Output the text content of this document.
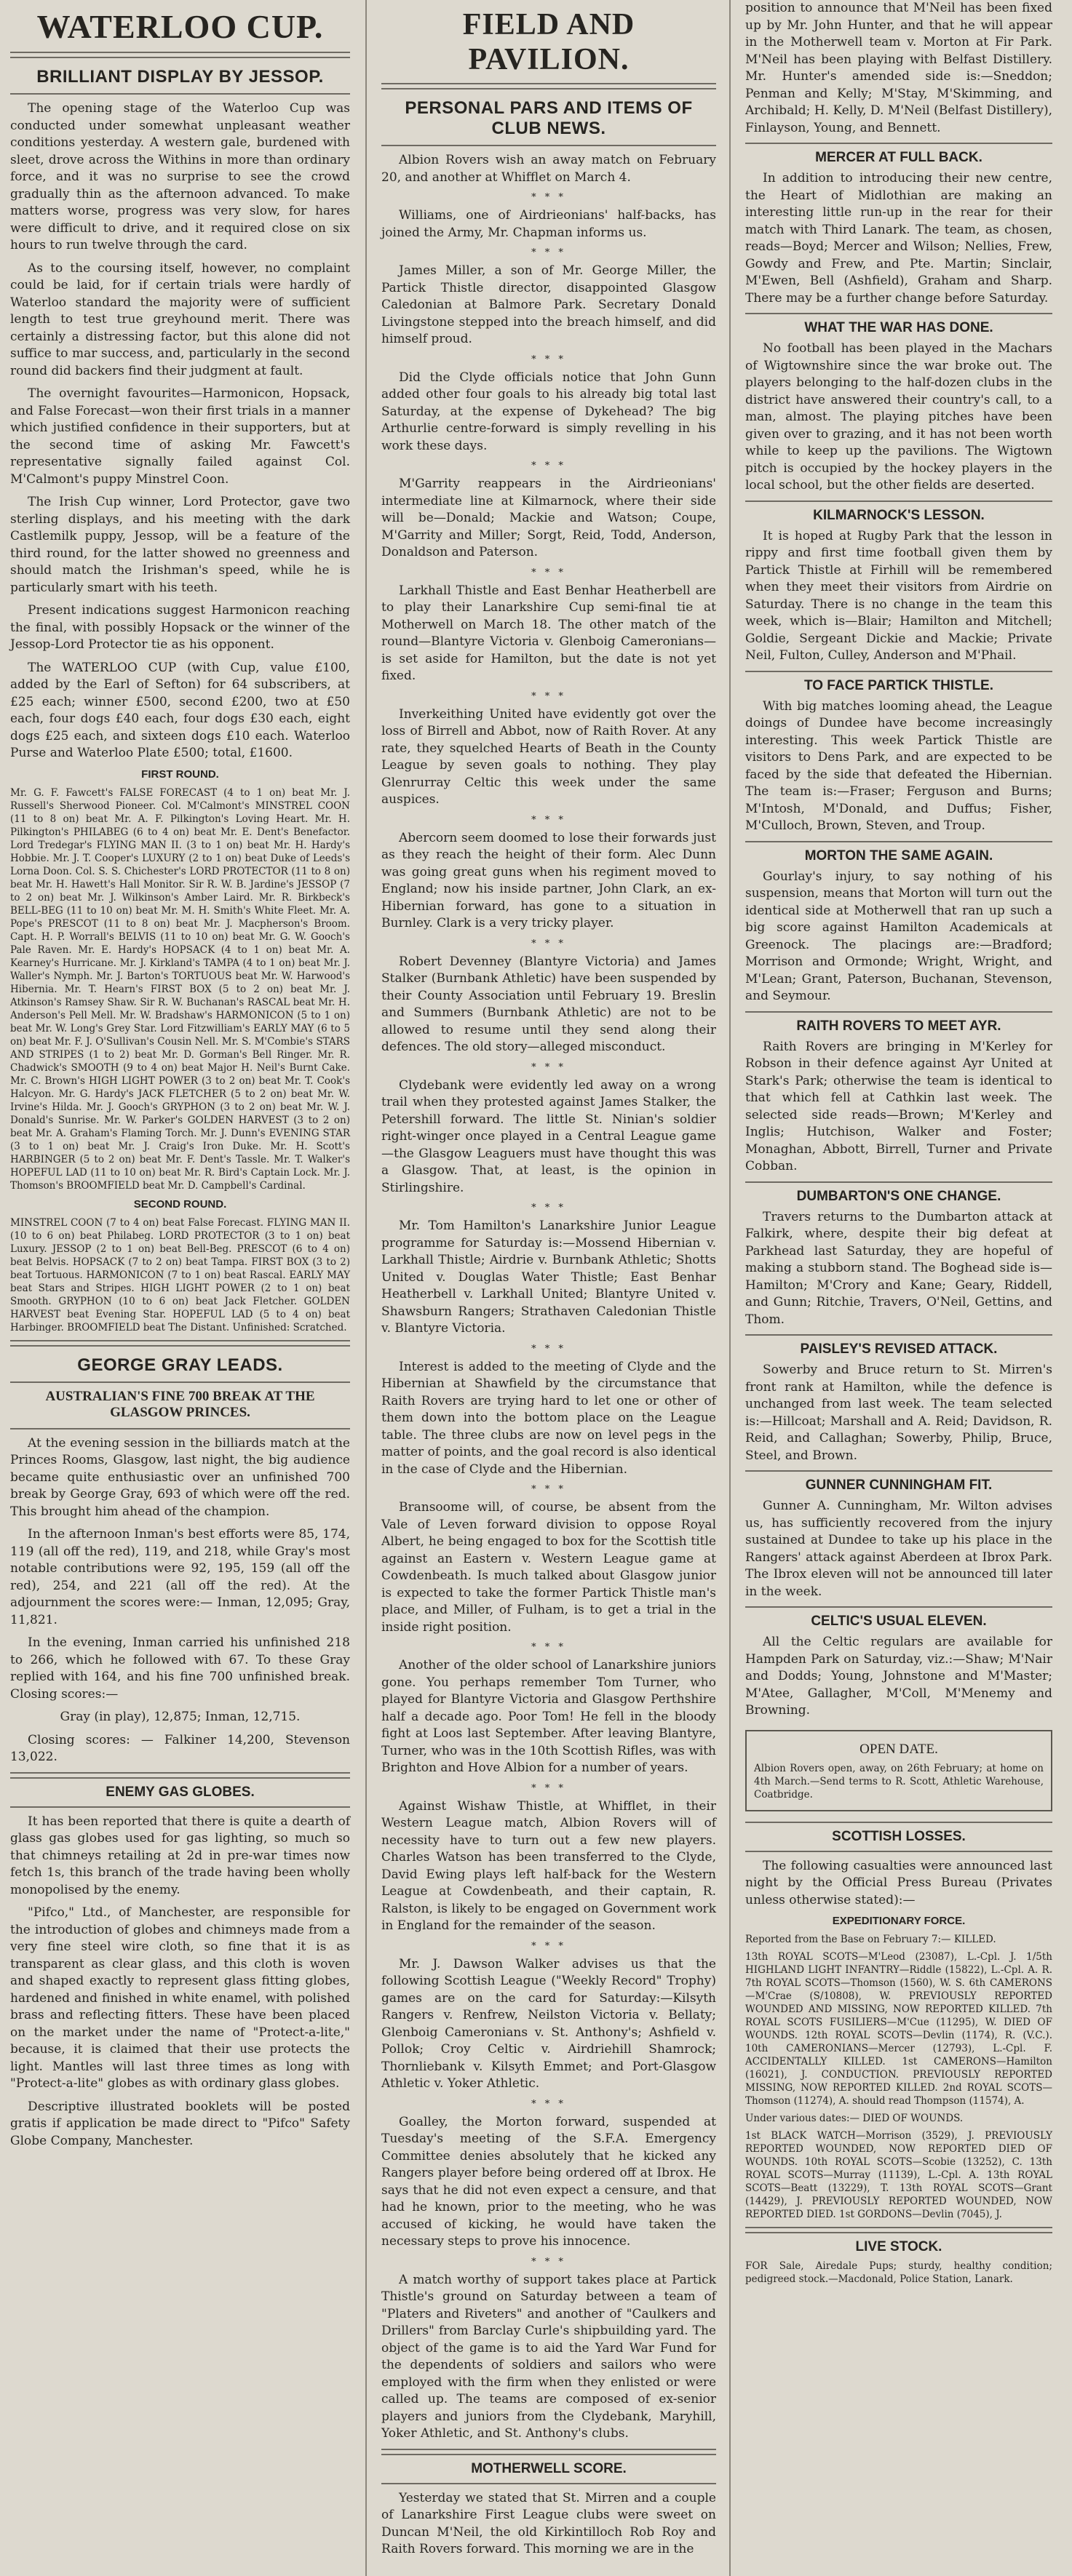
WATERLOO CUP.
BRILLIANT DISPLAY BY JESSOP.

The opening stage of the Waterloo Cup was conducted under somewhat unpleasant weather conditions yesterday. A western gale, burdened with sleet, drove across the Withins in more than ordinary force, and it was no surprise to see the crowd gradually thin as the afternoon advanced. To make matters worse, progress was very slow, for hares were difficult to drive, and it required close on six hours to run twelve through the card.

As to the coursing itself, however, no complaint could be laid, for if certain trials were hardly of Waterloo standard the majority were of sufficient length to test true greyhound merit. There was certainly a distressing factor, but this alone did not suffice to mar success, and, particularly in the second round did backers find their judgment at fault.

The overnight favourites—Harmonicon, Hopsack, and False Forecast—won their first trials in a manner which justified confidence in their supporters, but at the second time of asking Mr. Fawcett's representative signally failed against Col. M'Calmont's puppy Minstrel Coon.

The Irish Cup winner, Lord Protector, gave two sterling displays, and his meeting with the dark Castlemilk puppy, Jessop, will be a feature of the third round, for the latter showed no greenness and should match the Irishman's speed, while he is particularly smart with his teeth.

Present indications suggest Harmonicon reaching the final, with possibly Hopsack or the winner of the Jessop-Lord Protector tie as his opponent.

The WATERLOO CUP (with Cup, value £100, added by the Earl of Sefton) for 64 subscribers, at £25 each; winner £500, second £200, two at £50 each, four dogs £40 each, four dogs £30 each, eight dogs £25 each, and sixteen dogs £10 each. Waterloo Purse and Waterloo Plate £500; total, £1600.

FIRST ROUND.

Mr. G. F. Fawcett's FALSE FORECAST (4 to 1 on) beat Mr. J. Russell's Sherwood Pioneer. Col. M'Calmont's MINSTREL COON (11 to 8 on) beat Mr. A. F. Pilkington's Loving Heart. Mr. H. Pilkington's PHILABEG (6 to 4 on) beat Mr. E. Dent's Benefactor. Lord Tredegar's FLYING MAN II. (3 to 1 on) beat Mr. H. Hardy's Hobbie. Mr. J. T. Cooper's LUXURY (2 to 1 on) beat Duke of Leeds's Lorna Doon. Col. S. S. Chichester's LORD PROTECTOR (11 to 8 on) beat Mr. H. Hawett's Hall Monitor. Sir R. W. B. Jardine's JESSOP (7 to 2 on) beat Mr. J. Wilkinson's Amber Laird. Mr. R. Birkbeck's BELL-BEG (11 to 10 on) beat Mr. M. H. Smith's White Fleet. Mr. A. Pope's PRESCOT (11 to 8 on) beat Mr. J. Macpherson's Broom. Capt. H. P. Worrall's BELVIS (11 to 10 on) beat Mr. G. W. Gooch's Pale Raven. Mr. E. Hardy's HOPSACK (4 to 1 on) beat Mr. A. Kearney's Hurricane. Mr. J. Kirkland's TAMPA (4 to 1 on) beat Mr. J. Waller's Nymph. Mr. J. Barton's TORTUOUS beat Mr. W. Harwood's Hibernia. Mr. T. Hearn's FIRST BOX (5 to 2 on) beat Mr. J. Atkinson's Ramsey Shaw. Sir R. W. Buchanan's RASCAL beat Mr. H. Anderson's Pell Mell. Mr. W. Bradshaw's HARMONICON (5 to 1 on) beat Mr. W. Long's Grey Star. Lord Fitzwilliam's EARLY MAY (6 to 5 on) beat Mr. F. J. O'Sullivan's Cousin Nell. Mr. S. M'Combie's STARS AND STRIPES (1 to 2) beat Mr. D. Gorman's Bell Ringer. Mr. R. Chadwick's SMOOTH (9 to 4 on) beat Major H. Neil's Burnt Cake. Mr. C. Brown's HIGH LIGHT POWER (3 to 2 on) beat Mr. T. Cook's Halcyon. Mr. G. Hardy's JACK FLETCHER (5 to 2 on) beat Mr. W. Irvine's Hilda. Mr. J. Gooch's GRYPHON (3 to 2 on) beat Mr. W. J. Donald's Sunrise. Mr. W. Parker's GOLDEN HARVEST (3 to 2 on) beat Mr. A. Graham's Flaming Torch. Mr. J. Dunn's EVENING STAR (3 to 1 on) beat Mr. J. Craig's Iron Duke. Mr. H. Scott's HARBINGER (5 to 2 on) beat Mr. F. Dent's Tassle. Mr. T. Walker's HOPEFUL LAD (11 to 10 on) beat Mr. R. Bird's Captain Lock. Mr. J. Thomson's BROOMFIELD beat Mr. D. Campbell's Cardinal.

SECOND ROUND.

MINSTREL COON (7 to 4 on) beat False Forecast. FLYING MAN II. (10 to 6 on) beat Philabeg. LORD PROTECTOR (3 to 1 on) beat Luxury. JESSOP (2 to 1 on) beat Bell-Beg. PRESCOT (6 to 4 on) beat Belvis. HOPSACK (7 to 2 on) beat Tampa. FIRST BOX (3 to 2) beat Tortuous. HARMONICON (7 to 1 on) beat Rascal. EARLY MAY beat Stars and Stripes. HIGH LIGHT POWER (2 to 1 on) beat Smooth. GRYPHON (10 to 6 on) beat Jack Fletcher. GOLDEN HARVEST beat Evening Star. HOPEFUL LAD (5 to 4 on) beat Harbinger. BROOMFIELD beat The Distant. Unfinished: Scratched.

GEORGE GRAY LEADS.
AUSTRALIAN'S FINE 700 BREAK AT THE GLASGOW PRINCES.

At the evening session in the billiards match at the Princes Rooms, Glasgow, last night, the big audience became quite enthusiastic over an unfinished 700 break by George Gray, 693 of which were off the red. This brought him ahead of the champion.

In the afternoon Inman's best efforts were 85, 174, 119 (all off the red), 119, and 218, while Gray's most notable contributions were 92, 195, 159 (all off the red), 254, and 221 (all off the red). At the adjournment the scores were:— Inman, 12,095; Gray, 11,821.

In the evening, Inman carried his unfinished 218 to 266, which he followed with 67. To these Gray replied with 164, and his fine 700 unfinished break. Closing scores:—

Gray (in play), 12,875; Inman, 12,715.

Closing scores: — Falkiner 14,200, Stevenson 13,022.

ENEMY GAS GLOBES.

It has been reported that there is quite a dearth of glass gas globes used for gas lighting, so much so that chimneys retailing at 2d in pre-war times now fetch 1s, this branch of the trade having been wholly monopolised by the enemy.

"Pifco," Ltd., of Manchester, are responsible for the introduction of globes and chimneys made from a very fine steel wire cloth, so fine that it is as transparent as clear glass, and this cloth is woven and shaped exactly to represent glass fitting globes, hardened and finished in white enamel, with polished brass and reflecting fitters. These have been placed on the market under the name of "Protect-a-lite," because, it is claimed that their use protects the light. Mantles will last three times as long with "Protect-a-lite" globes as with ordinary glass globes.

Descriptive illustrated booklets will be posted gratis if application be made direct to "Pifco" Safety Globe Company, Manchester.

FIELD AND PAVILION.
PERSONAL PARS AND ITEMS OF CLUB NEWS.

Albion Rovers wish an away match on February 20, and another at Whifflet on March 4.

* * *

Williams, one of Airdrieonians' half-backs, has joined the Army, Mr. Chapman informs us.

* * *

James Miller, a son of Mr. George Miller, the Partick Thistle director, disappointed Glasgow Caledonian at Balmore Park. Secretary Donald Livingstone stepped into the breach himself, and did himself proud.

* * *

Did the Clyde officials notice that John Gunn added other four goals to his already big total last Saturday, at the expense of Dykehead? The big Arthurlie centre-forward is simply revelling in his work these days.

* * *

M'Garrity reappears in the Airdrieonians' intermediate line at Kilmarnock, where their side will be—Donald; Mackie and Watson; Coupe, M'Garrity and Miller; Sorgt, Reid, Todd, Anderson, Donaldson and Paterson.

* * *

Larkhall Thistle and East Benhar Heatherbell are to play their Lanarkshire Cup semi-final tie at Motherwell on March 18. The other match of the round—Blantyre Victoria v. Glenboig Cameronians—is set aside for Hamilton, but the date is not yet fixed.

* * *

Inverkeithing United have evidently got over the loss of Birrell and Abbot, now of Raith Rover. At any rate, they squelched Hearts of Beath in the County League by seven goals to nothing. They play Glenrurray Celtic this week under the same auspices.

* * *

Abercorn seem doomed to lose their forwards just as they reach the height of their form. Alec Dunn was going great guns when his regiment moved to England; now his inside partner, John Clark, an ex-Hibernian forward, has gone to a situation in Burnley. Clark is a very tricky player.

* * *

Robert Devenney (Blantyre Victoria) and James Stalker (Burnbank Athletic) have been suspended by their County Association until February 19. Breslin and Summers (Burnbank Athletic) are not to be allowed to resume until they send along their defences. The old story—alleged misconduct.

* * *

Clydebank were evidently led away on a wrong trail when they protested against James Stalker, the Petershill forward. The little St. Ninian's soldier right-winger once played in a Central League game—the Glasgow Leaguers must have thought this was a Glasgow. That, at least, is the opinion in Stirlingshire.

* * *

Mr. Tom Hamilton's Lanarkshire Junior League programme for Saturday is:—Mossend Hibernian v. Larkhall Thistle; Airdrie v. Burnbank Athletic; Shotts United v. Douglas Water Thistle; East Benhar Heatherbell v. Larkhall United; Blantyre United v. Shawsburn Rangers; Strathaven Caledonian Thistle v. Blantyre Victoria.

* * *

Interest is added to the meeting of Clyde and the Hibernian at Shawfield by the circumstance that Raith Rovers are trying hard to let one or other of them down into the bottom place on the League table. The three clubs are now on level pegs in the matter of points, and the goal record is also identical in the case of Clyde and the Hibernian.

* * *

Bransoome will, of course, be absent from the Vale of Leven forward division to oppose Royal Albert, he being engaged to box for the Scottish title against an Eastern v. Western League game at Cowdenbeath. Is much talked about Glasgow junior is expected to take the former Partick Thistle man's place, and Miller, of Fulham, is to get a trial in the inside right position.

* * *

Another of the older school of Lanarkshire juniors gone. You perhaps remember Tom Turner, who played for Blantyre Victoria and Glasgow Perthshire half a decade ago. Poor Tom! He fell in the bloody fight at Loos last September. After leaving Blantyre, Turner, who was in the 10th Scottish Rifles, was with Brighton and Hove Albion for a number of years.

* * *

Against Wishaw Thistle, at Whifflet, in their Western League match, Albion Rovers will of necessity have to turn out a few new players. Charles Watson has been transferred to the Clyde, David Ewing plays left half-back for the Western League at Cowdenbeath, and their captain, R. Ralston, is likely to be engaged on Government work in England for the remainder of the season.

* * *

Mr. J. Dawson Walker advises us that the following Scottish League ("Weekly Record" Trophy) games are on the card for Saturday:—Kilsyth Rangers v. Renfrew, Neilston Victoria v. Bellaty; Glenboig Cameronians v. St. Anthony's; Ashfield v. Pollok; Croy Celtic v. Airdriehill Shamrock; Thornliebank v. Kilsyth Emmet; and Port-Glasgow Athletic v. Yoker Athletic.

* * *

Goalley, the Morton forward, suspended at Tuesday's meeting of the S.F.A. Emergency Committee denies absolutely that he kicked any Rangers player before being ordered off at Ibrox. He says that he did not even expect a censure, and that had he known, prior to the meeting, who he was accused of kicking, he would have taken the necessary steps to prove his innocence.

* * *

A match worthy of support takes place at Partick Thistle's ground on Saturday between a team of "Platers and Riveters" and another of "Caulkers and Drillers" from Barclay Curle's shipbuilding yard. The object of the game is to aid the Yard War Fund for the dependents of soldiers and sailors who were employed with the firm when they enlisted or were called up. The teams are composed of ex-senior players and juniors from the Clydebank, Maryhill, Yoker Athletic, and St. Anthony's clubs.

MOTHERWELL SCORE.

Yesterday we stated that St. Mirren and a couple of Lanarkshire First League clubs were sweet on Duncan M'Neil, the old Kirkintilloch Rob Roy and Raith Rovers forward. This morning we are in the

position to announce that M'Neil has been fixed up by Mr. John Hunter, and that he will appear in the Motherwell team v. Morton at Fir Park. M'Neil has been playing with Belfast Distillery. Mr. Hunter's amended side is:—Sneddon; Penman and Kelly; M'Stay, M'Skimming, and Archibald; H. Kelly, D. M'Neil (Belfast Distillery), Finlayson, Young, and Bennett.

MERCER AT FULL BACK.

In addition to introducing their new centre, the Heart of Midlothian are making an interesting little run-up in the rear for their match with Third Lanark. The team, as chosen, reads—Boyd; Mercer and Wilson; Nellies, Frew, Gowdy and Frew, and Pte. Martin; Sinclair, M'Ewen, Bell (Ashfield), Graham and Sharp. There may be a further change before Saturday.

WHAT THE WAR HAS DONE.

No football has been played in the Machars of Wigtownshire since the war broke out. The players belonging to the half-dozen clubs in the district have answered their country's call, to a man, almost. The playing pitches have been given over to grazing, and it has not been worth while to keep up the pavilions. The Wigtown pitch is occupied by the hockey players in the local school, but the other fields are deserted.

KILMARNOCK'S LESSON.

It is hoped at Rugby Park that the lesson in rippy and first time football given them by Partick Thistle at Firhill will be remembered when they meet their visitors from Airdrie on Saturday. There is no change in the team this week, which is—Blair; Hamilton and Mitchell; Goldie, Sergeant Dickie and Mackie; Private Neil, Fulton, Culley, Anderson and M'Phail.

TO FACE PARTICK THISTLE.

With big matches looming ahead, the League doings of Dundee have become increasingly interesting. This week Partick Thistle are visitors to Dens Park, and are expected to be faced by the side that defeated the Hibernian. The team is:—Fraser; Ferguson and Burns; M'Intosh, M'Donald, and Duffus; Fisher, M'Culloch, Brown, Steven, and Troup.

MORTON THE SAME AGAIN.

Gourlay's injury, to say nothing of his suspension, means that Morton will turn out the identical side at Motherwell that ran up such a big score against Hamilton Academicals at Greenock. The placings are:—Bradford; Morrison and Ormonde; Wright, Wright, and M'Lean; Grant, Paterson, Buchanan, Stevenson, and Seymour.

RAITH ROVERS TO MEET AYR.

Raith Rovers are bringing in M'Kerley for Robson in their defence against Ayr United at Stark's Park; otherwise the team is identical to that which fell at Cathkin last week. The selected side reads—Brown; M'Kerley and Inglis; Hutchison, Walker and Foster; Monaghan, Abbott, Birrell, Turner and Private Cobban.

DUMBARTON'S ONE CHANGE.

Travers returns to the Dumbarton attack at Falkirk, where, despite their big defeat at Parkhead last Saturday, they are hopeful of making a stubborn stand. The Boghead side is—Hamilton; M'Crory and Kane; Geary, Riddell, and Gunn; Ritchie, Travers, O'Neil, Gettins, and Thom.

PAISLEY'S REVISED ATTACK.

Sowerby and Bruce return to St. Mirren's front rank at Hamilton, while the defence is unchanged from last week. The team selected is:—Hillcoat; Marshall and A. Reid; Davidson, R. Reid, and Callaghan; Sowerby, Philip, Bruce, Steel, and Brown.

GUNNER CUNNINGHAM FIT.

Gunner A. Cunningham, Mr. Wilton advises us, has sufficiently recovered from the injury sustained at Dundee to take up his place in the Rangers' attack against Aberdeen at Ibrox Park. The Ibrox eleven will not be announced till later in the week.

CELTIC'S USUAL ELEVEN.

All the Celtic regulars are available for Hampden Park on Saturday, viz.:—Shaw; M'Nair and Dodds; Young, Johnstone and M'Master; M'Atee, Gallagher, M'Coll, M'Menemy and Browning.

OPEN DATE.

Albion Rovers open, away, on 26th February; at home on 4th March.—Send terms to R. Scott, Athletic Warehouse, Coatbridge.

SCOTTISH LOSSES.

The following casualties were announced last night by the Official Press Bureau (Privates unless otherwise stated):—

EXPEDITIONARY FORCE.

Reported from the Base on February 7:— KILLED.

13th ROYAL SCOTS—M'Leod (23087), L.-Cpl. J. 1/5th HIGHLAND LIGHT INFANTRY—Riddle (15822), L.-Cpl. A. R. 7th ROYAL SCOTS—Thomson (1560), W. S. 6th CAMERONS—M'Crae (S/10808), W. PREVIOUSLY REPORTED WOUNDED AND MISSING, NOW REPORTED KILLED. 7th ROYAL SCOTS FUSILIERS—M'Cue (11295), W. DIED OF WOUNDS. 12th ROYAL SCOTS—Devlin (1174), R. (V.C.). 10th CAMERONIANS—Mercer (12793), L.-Cpl. F. ACCIDENTALLY KILLED. 1st CAMERONS—Hamilton (16021), J. CONDUCTION. PREVIOUSLY REPORTED MISSING, NOW REPORTED KILLED. 2nd ROYAL SCOTS—Thomson (11274), A. should read Thompson (11574), A.

Under various dates:— DIED OF WOUNDS.

1st BLACK WATCH—Morrison (3529), J. PREVIOUSLY REPORTED WOUNDED, NOW REPORTED DIED OF WOUNDS. 10th ROYAL SCOTS—Scobie (13252), C. 13th ROYAL SCOTS—Murray (11139), L.-Cpl. A. 13th ROYAL SCOTS—Beatt (13229), T. 13th ROYAL SCOTS—Grant (14429), J. PREVIOUSLY REPORTED WOUNDED, NOW REPORTED DIED. 1st GORDONS—Devlin (7045), J.

LIVE STOCK.

FOR Sale, Airedale Pups; sturdy, healthy condition; pedigreed stock.—Macdonald, Police Station, Lanark.
